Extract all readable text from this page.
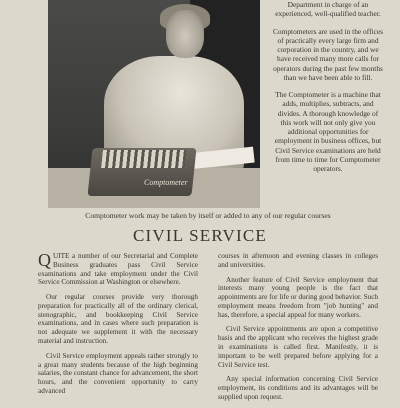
Comptometer

Department in charge of an experienced, well-qualified teacher.

Comptometers are used in the offices of practically every large firm and corporation in the country, and we have received many more calls for operators during the past few months than we have been able to fill.

The Comptometer is a machine that adds, multiplies, subtracts, and divides. A thorough knowledge of this work will not only give you additional opportunities for employment in business offices, but Civil Service examinations are held from time to time for Comptometer operators.

Comptometer work may be taken by itself or added to any of our regular courses
CIVIL SERVICE

QUITE a number of our Secretarial and Complete Business graduates pass Civil Service examinations and take employment under the Civil Service Commission at Washington or elsewhere.

Our regular courses provide very thorough preparation for practically all of the ordinary clerical, stenographic, and bookkeeping Civil Service examinations, and in cases where such preparation is not adequate we supplement it with the necessary material and instruction.

Civil Service employment appeals rather strongly to a great many students because of the high beginning salaries, the constant chance for advancement, the short hours, and the convenient opportunity to carry advanced

courses in afternoon and evening classes in colleges and universities.

Another feature of Civil Service employment that interests many young people is the fact that appointments are for life or during good behavior. Such employment means freedom from "job hunting" and has, therefore, a special appeal for many workers.

Civil Service appointments are upon a competitive basis and the applicant who receives the highest grade in examinations is called first. Manifestly, it is important to be well prepared before applying for a Civil Service test.

Any special information concerning Civil Service employment, its conditions and its advantages will be supplied upon request.
